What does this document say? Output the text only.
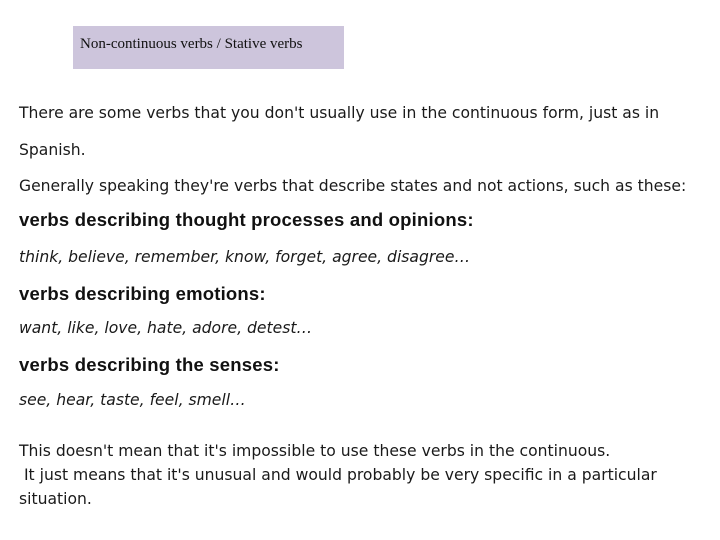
Non-continuous verbs / Stative verbs
There are some verbs that you don't usually use in the continuous form, just as in
Spanish.
Generally speaking they're verbs that describe states and not actions, such as these:
verbs describing thought processes and opinions:
think, believe, remember, know, forget, agree, disagree…
verbs describing emotions:
want, like, love, hate, adore, detest…
verbs describing the senses:
see, hear, taste, feel, smell…
This doesn't mean that it's impossible to use these verbs in the continuous.
It just means that it's unusual and would probably be very specific in a particular
situation.
